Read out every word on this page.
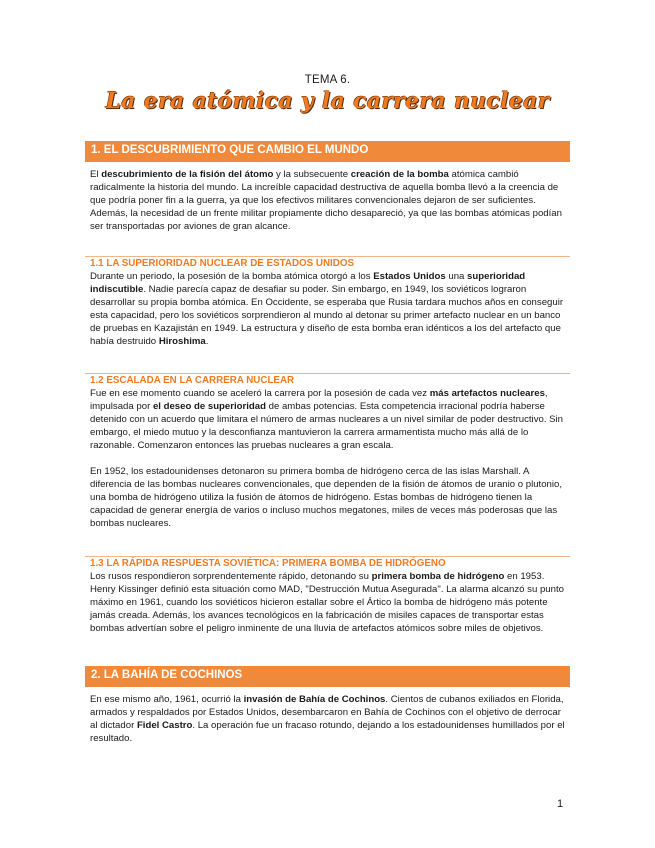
TEMA 6.
La era atómica y la carrera nuclear
1. EL DESCUBRIMIENTO QUE CAMBIO EL MUNDO

El descubrimiento de la fisión del átomo y la subsecuente creación de la bomba atómica cambió radicalmente la historia del mundo. La increíble capacidad destructiva de aquella bomba llevó a la creencia de que podría poner fin a la guerra, ya que los efectivos militares convencionales dejaron de ser suficientes. Además, la necesidad de un frente militar propiamente dicho desapareció, ya que las bombas atómicas podían ser transportadas por aviones de gran alcance.

1.1 LA SUPERIORIDAD NUCLEAR DE ESTADOS UNIDOS

Durante un periodo, la posesión de la bomba atómica otorgó a los Estados Unidos una superioridad indiscutible. Nadie parecía capaz de desafiar su poder. Sin embargo, en 1949, los soviéticos lograron desarrollar su propia bomba atómica. En Occidente, se esperaba que Rusia tardara muchos años en conseguir esta capacidad, pero los soviéticos sorprendieron al mundo al detonar su primer artefacto nuclear en un banco de pruebas en Kazajistán en 1949. La estructura y diseño de esta bomba eran idénticos a los del artefacto que había destruido Hiroshima.

1.2 ESCALADA EN LA CARRERA NUCLEAR

Fue en ese momento cuando se aceleró la carrera por la posesión de cada vez más artefactos nucleares, impulsada por el deseo de superioridad de ambas potencias. Esta competencia irracional podría haberse detenido con un acuerdo que limitara el número de armas nucleares a un nivel similar de poder destructivo. Sin embargo, el miedo mutuo y la desconfianza mantuvieron la carrera armamentista mucho más allá de lo razonable. Comenzaron entonces las pruebas nucleares a gran escala.

En 1952, los estadounidenses detonaron su primera bomba de hidrógeno cerca de las islas Marshall. A diferencia de las bombas nucleares convencionales, que dependen de la fisión de átomos de uranio o plutonio, una bomba de hidrógeno utiliza la fusión de átomos de hidrógeno. Estas bombas de hidrógeno tienen la capacidad de generar energía de varios o incluso muchos megatones, miles de veces más poderosas que las bombas nucleares.

1.3 LA RÁPIDA RESPUESTA SOVIÉTICA: PRIMERA BOMBA DE HIDRÓGENO

Los rusos respondieron sorprendentemente rápido, detonando su primera bomba de hidrógeno en 1953. Henry Kissinger definió esta situación como MAD, "Destrucción Mutua Asegurada". La alarma alcanzó su punto máximo en 1961, cuando los soviéticos hicieron estallar sobre el Ártico la bomba de hidrógeno más potente jamás creada. Además, los avances tecnológicos en la fabricación de misiles capaces de transportar estas bombas advertían sobre el peligro inminente de una lluvia de artefactos atómicos sobre miles de objetivos.

2. LA BAHÍA DE COCHINOS

En ese mismo año, 1961, ocurrió la invasión de Bahía de Cochinos. Cientos de cubanos exiliados en Florida, armados y respaldados por Estados Unidos, desembarcaron en Bahía de Cochinos con el objetivo de derrocar al dictador Fidel Castro. La operación fue un fracaso rotundo, dejando a los estadounidenses humillados por el resultado.

1
